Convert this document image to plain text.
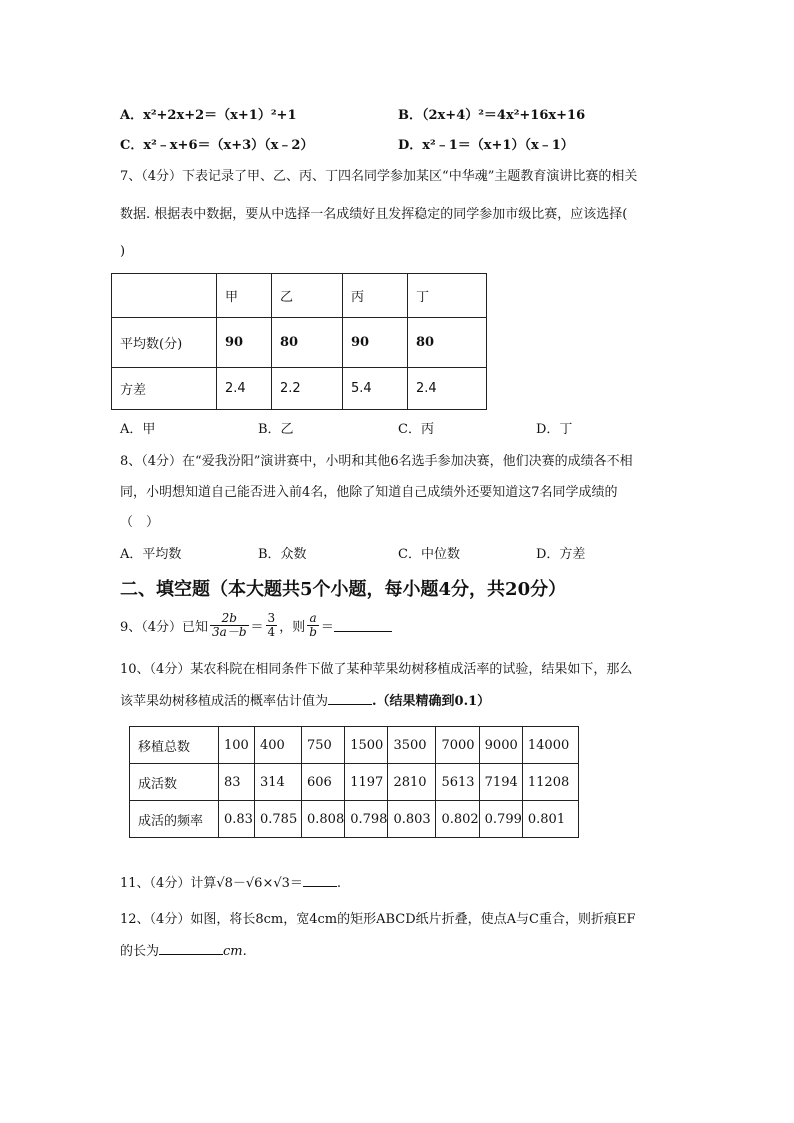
A．x²+2x+2＝（x+1）²+1	B．（2x+4）²＝4x²+16x+16
C．x²﹣x+6＝（x+3）（x﹣2）	D．x²﹣1＝（x+1）（x﹣1）
7、（4分）下表记录了甲、乙、丙、丁四名同学参加某区“中华魂”主题教育演讲比赛的相关
数据. 根据表中数据，要从中选择一名成绩好且发挥稳定的同学参加市级比赛，应该选择(
)
	甲	乙	丙	丁
平均数(分)	90	80	90	80
方差	2.4	2.2	5.4	2.4
A．甲	B．乙	C．丙	D．丁
8、（4分）在“爱我汾阳”演讲赛中，小明和其他6名选手参加决赛，他们决赛的成绩各不相
同，小明想知道自己能否进入前4名，他除了知道自己成绩外还要知道这7名同学成绩的
（　）
A．平均数	B．众数	C．中位数	D．方差
二、填空题（本大题共5个小题，每小题4分，共20分）
9、（4分）已知 $\frac{2b}{3a-b} = \frac{3}{4}$ ，则 $\frac{a}{b}$ ＝
10、（4分）某农科院在相同条件下做了某种苹果幼树移植成活率的试验，结果如下，那么
该苹果幼树移植成活的概率估计值为	.（结果精确到0.1）
移植总数	100	400	750	1500	3500	7000	9000	14000
成活数	83	314	606	1197	2810	5613	7194	11208
成活的频率	0.83	0.785	0.808	0.798	0.803	0.802	0.799	0.801
11、（4分）计算√8－√6×√3＝	.
12、（4分）如图，将长8cm，宽4cm的矩形ABCD纸片折叠，使点A与C重合，则折痕EF
的长为	cm.
